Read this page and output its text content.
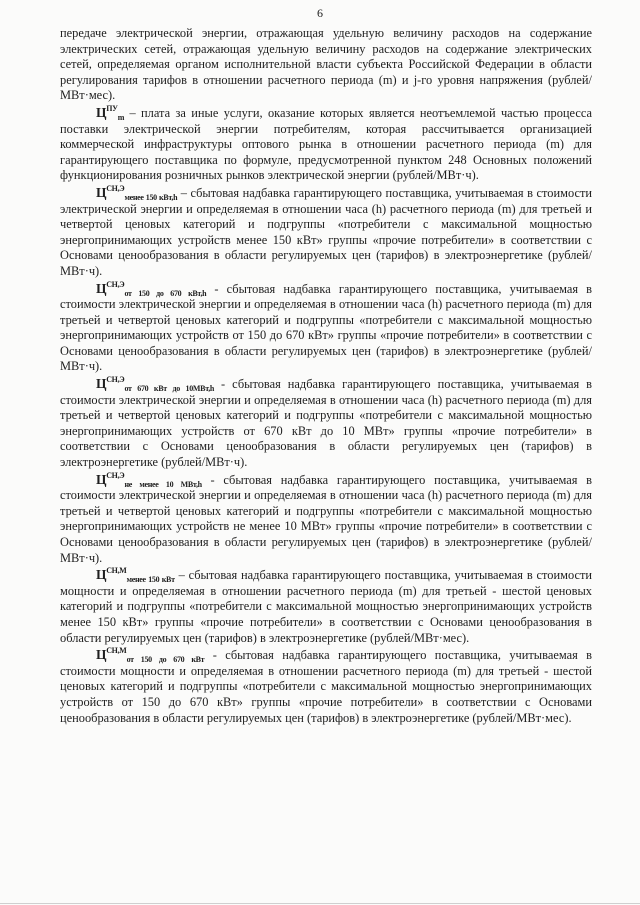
6

передаче электрической энергии, отражающая удельную величину расходов на содержание электрических сетей, отражающая удельную величину расходов на содержание электрических сетей, определяемая органом исполнительной власти субъекта Российской Федерации в области регулирования тарифов в отношении расчетного периода (m) и j-го уровня напряжения (рублей/МВт·мес).

$Ц^{ПУ}_m$ – плата за иные услуги, оказание которых является неотъемлемой частью процесса поставки электрической энергии потребителям, которая рассчитывается организацией коммерческой инфраструктуры оптового рынка в отношении расчетного периода (m) для гарантирующего поставщика по формуле, предусмотренной пунктом 248 Основных положений функционирования розничных рынков электрической энергии (рублей/МВт·ч).

$Ц^{СН,Э}_{менее 150 кВт,h}$ – сбытовая надбавка гарантирующего поставщика, учитываемая в стоимости электрической энергии и определяемая в отношении часа (h) расчетного периода (m) для третьей и четвертой ценовых категорий и подгруппы «потребители с максимальной мощностью энергопринимающих устройств менее 150 кВт» группы «прочие потребители» в соответствии с Основами ценообразования в области регулируемых цен (тарифов) в электроэнергетике (рублей/МВт·ч).

$Ц^{СН,Э}_{от 150 до 670 кВт,h}$ - сбытовая надбавка гарантирующего поставщика, учитываемая в стоимости электрической энергии и определяемая в отношении часа (h) расчетного периода (m) для третьей и четвертой ценовых категорий и подгруппы «потребители с максимальной мощностью энергопринимающих устройств от 150 до 670 кВт» группы «прочие потребители» в соответствии с Основами ценообразования в области регулируемых цен (тарифов) в электроэнергетике (рублей/МВт·ч).

$Ц^{СН,Э}_{от 670 кВт до 10МВт,h}$ - сбытовая надбавка гарантирующего поставщика, учитываемая в стоимости электрической энергии и определяемая в отношении часа (h) расчетного периода (m) для третьей и четвертой ценовых категорий и подгруппы «потребители с максимальной мощностью энергопринимающих устройств от 670 кВт до 10 МВт» группы «прочие потребители» в соответствии с Основами ценообразования в области регулируемых цен (тарифов) в электроэнергетике (рублей/МВт·ч).

$Ц^{СН,Э}_{не менее 10 МВт,h}$ - сбытовая надбавка гарантирующего поставщика, учитываемая в стоимости электрической энергии и определяемая в отношении часа (h) расчетного периода (m) для третьей и четвертой ценовых категорий и подгруппы «потребители с максимальной мощностью энергопринимающих устройств не менее 10 МВт» группы «прочие потребители» в соответствии с Основами ценообразования в области регулируемых цен (тарифов) в электроэнергетике (рублей/МВт·ч).

$Ц^{СН,М}_{менее 150 кВт}$ – сбытовая надбавка гарантирующего поставщика, учитываемая в стоимости мощности и определяемая в отношении расчетного периода (m) для третьей - шестой ценовых категорий и подгруппы «потребители с максимальной мощностью энергопринимающих устройств менее 150 кВт» группы «прочие потребители» в соответствии с Основами ценообразования в области регулируемых цен (тарифов) в электроэнергетике (рублей/МВт·мес).

$Ц^{СН,М}_{от 150 до 670 кВт}$ - сбытовая надбавка гарантирующего поставщика, учитываемая в стоимости мощности и определяемая в отношении расчетного периода (m) для третьей - шестой ценовых категорий и подгруппы «потребители с максимальной мощностью энергопринимающих устройств от 150 до 670 кВт» группы «прочие потребители» в соответствии с Основами ценообразования в области регулируемых цен (тарифов) в электроэнергетике (рублей/МВт·мес).
